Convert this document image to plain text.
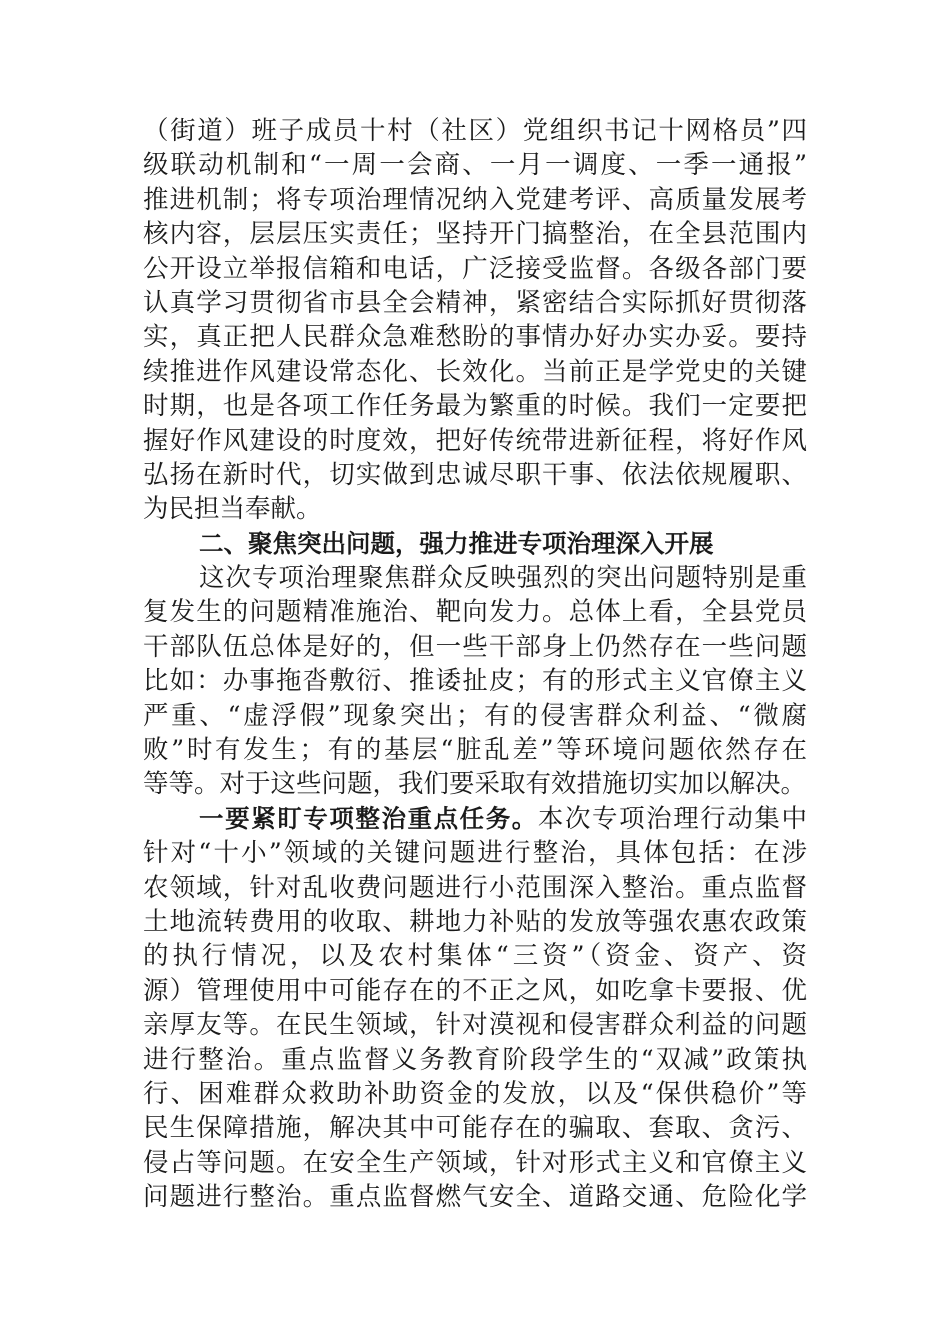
（街道）班子成员十村（社区）党组织书记十网格员”四
级联动机制和“一周一会商、一月一调度、一季一通报”
推进机制；将专项治理情况纳入党建考评、高质量发展考
核内容，层层压实责任；坚持开门搞整治，在全县范围内
公开设立举报信箱和电话，广泛接受监督。各级各部门要
认真学习贯彻省市县全会精神，紧密结合实际抓好贯彻落
实，真正把人民群众急难愁盼的事情办好办实办妥。要持
续推进作风建设常态化、长效化。当前正是学党史的关键
时期，也是各项工作任务最为繁重的时候。我们一定要把
握好作风建设的时度效，把好传统带进新征程，将好作风
弘扬在新时代，切实做到忠诚尽职干事、依法依规履职、
为民担当奉献。
二、聚焦突出问题，强力推进专项治理深入开展
这次专项治理聚焦群众反映强烈的突出问题特别是重
复发生的问题精准施治、靶向发力。总体上看，全县党员
干部队伍总体是好的，但一些干部身上仍然存在一些问题
比如：办事拖沓敷衍、推诿扯皮；有的形式主义官僚主义
严重、“虚浮假”现象突出；有的侵害群众利益、“微腐
败”时有发生；有的基层“脏乱差”等环境问题依然存在
等等。对于这些问题，我们要采取有效措施切实加以解决。
一要紧盯专项整治重点任务。本次专项治理行动集中
针对“十小”领域的关键问题进行整治，具体包括：在涉
农领域，针对乱收费问题进行小范围深入整治。重点监督
土地流转费用的收取、耕地力补贴的发放等强农惠农政策
的执行情况，以及农村集体“三资”（资金、资产、资
源）管理使用中可能存在的不正之风，如吃拿卡要报、优
亲厚友等。在民生领域，针对漠视和侵害群众利益的问题
进行整治。重点监督义务教育阶段学生的“双减”政策执
行、困难群众救助补助资金的发放，以及“保供稳价”等
民生保障措施，解决其中可能存在的骗取、套取、贪污、
侵占等问题。在安全生产领域，针对形式主义和官僚主义
问题进行整治。重点监督燃气安全、道路交通、危险化学
